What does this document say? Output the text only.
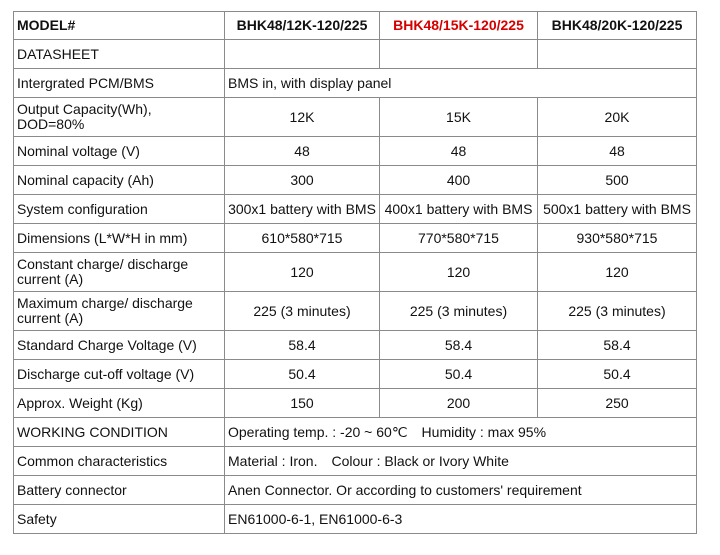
MODEL#	BHK48/12K-120/225	BHK48/15K-120/225	BHK48/20K-120/225
DATASHEET			
Intergrated PCM/BMS	BMS in, with display panel		
Output Capacity(Wh), DOD=80%	12K	15K	20K
Nominal voltage (V)	48	48	48
Nominal capacity (Ah)	300	400	500
System configuration	300x1 battery with BMS	400x1 battery with BMS	500x1 battery with BMS
Dimensions (L*W*H in mm)	610*580*715	770*580*715	930*580*715
Constant charge/ discharge current (A)	120	120	120
Maximum charge/ discharge current (A)	225 (3 minutes)	225 (3 minutes)	225 (3 minutes)
Standard Charge Voltage (V)	58.4	58.4	58.4
Discharge cut-off voltage (V)	50.4	50.4	50.4
Approx. Weight (Kg)	150	200	250
WORKING CONDITION	Operating temp. : -20 ~ 60℃ Humidity : max 95%		
Common characteristics	Material : Iron. Colour : Black or Ivory White		
Battery connector	Anen Connector. Or according to customers' requirement		
Safety	EN61000-6-1, EN61000-6-3		
